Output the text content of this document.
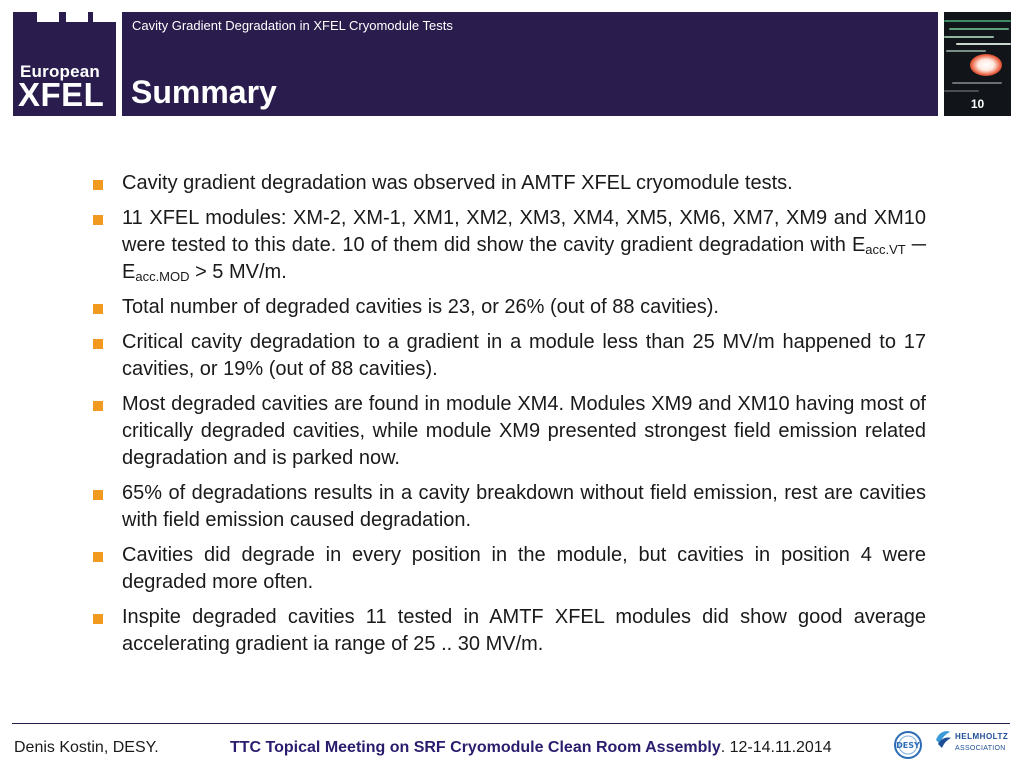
European
XFEL
Cavity Gradient Degradation in XFEL Cryomodule Tests
Summary	10
Cavity gradient degradation was observed in AMTF XFEL cryomodule tests.
11 XFEL modules: XM-2, XM-1, XM1, XM2, XM3, XM4, XM5, XM6, XM7, XM9 and XM10 were tested to this date. 10 of them did show the cavity gradient degradation with $E_{acc.VT}$ ─ $E_{acc.MOD} > 5$ MV/m.
Total number of degraded cavities is 23, or 26% (out of 88 cavities).
Critical cavity degradation to a gradient in a module less than 25 MV/m happened to 17 cavities, or 19% (out of 88 cavities).
Most degraded cavities are found in module XM4. Modules XM9 and XM10 having most of critically degraded cavities, while module XM9 presented strongest field emission related degradation and is parked now.
65% of degradations results in a cavity breakdown without field emission, rest are cavities with field emission caused degradation.
Cavities did degrade in every position in the module, but cavities in position 4 were degraded more often.
Inspite degraded cavities 11 tested in AMTF XFEL modules did show good average accelerating gradient ia range of 25 .. 30 MV/m.
Denis Kostin, DESY.	TTC Topical Meeting on SRF Cryomodule Clean Room Assembly. 12-14.11.2014	DESY
HELMHOLTZ
ASSOCIATION
